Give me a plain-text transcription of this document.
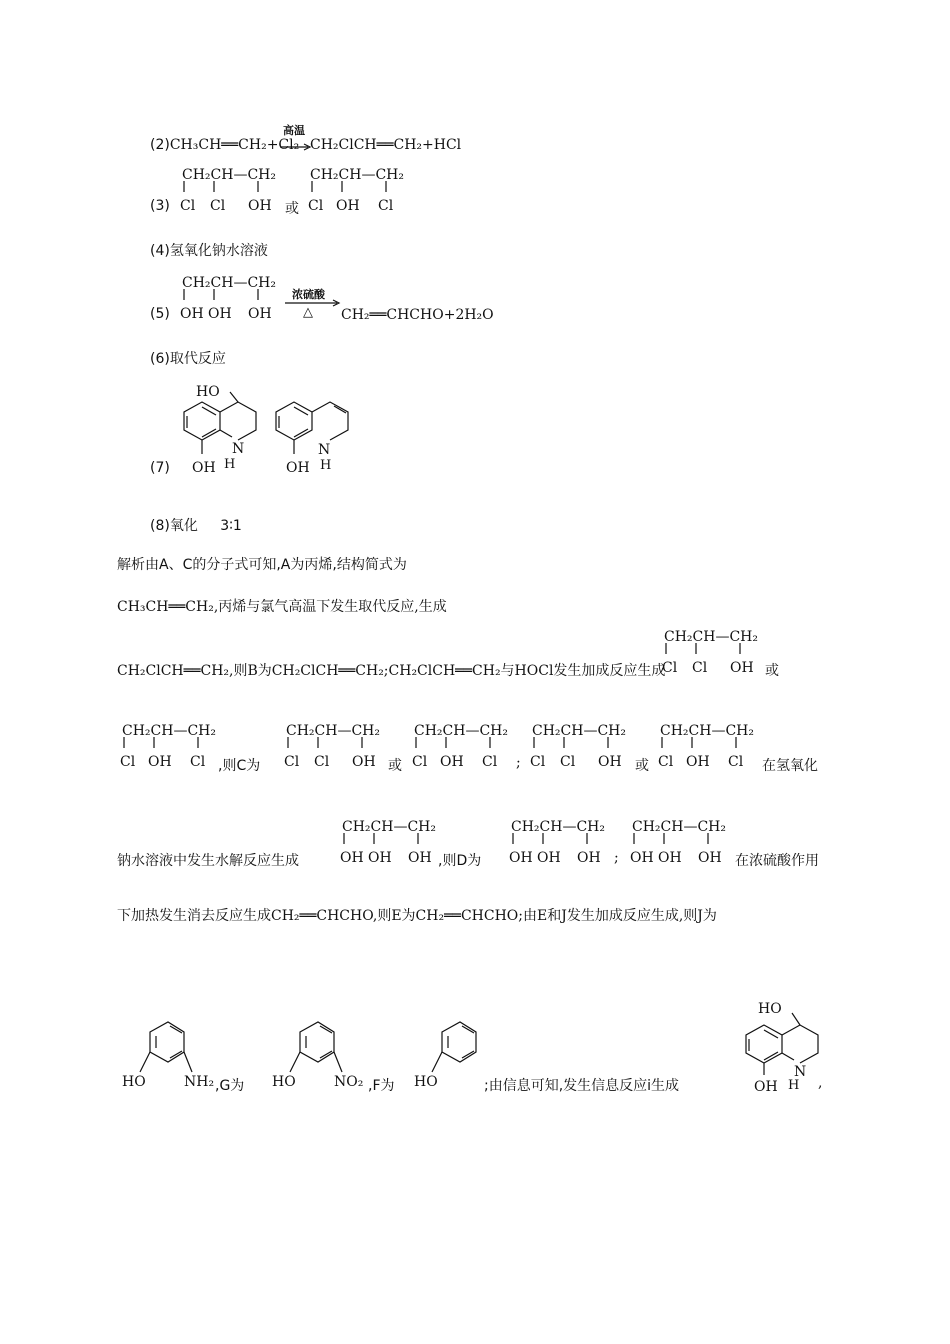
(2)CH₃CH══CH₂+Cl₂
高温
CH₂ClCH══CH₂+HCl
(3)
CH₂CH—CH₂
Cl Cl OH 或
CH₂CH—CH₂
Cl OH Cl
(4)氢氧化钠水溶液
(5)
CH₂CH—CH₂
OH OH OH
浓硫酸
△ CH₂══CHCHO+2H₂O
(6)取代反应
(7)
HO
OH
N
H	OH
N
H
(8)氧化 3∶1
解析由A、C的分子式可知,A为丙烯,结构简式为
CH₃CH══CH₂,丙烯与氯气高温下发生取代反应,生成
CH₂ClCH══CH₂,则B为CH₂ClCH══CH₂;CH₂ClCH══CH₂与HOCl发生加成反应生成
CH₂CH—CH₂
Cl Cl OH 或
CH₂CH—CH₂
Cl OH Cl ,则C为
CH₂CH—CH₂
Cl Cl OH 或
CH₂CH—CH₂
Cl OH Cl ;
CH₂CH—CH₂
Cl Cl OH 或
CH₂CH—CH₂
Cl OH Cl 在氢氧化
钠水溶液中发生水解反应生成
CH₂CH—CH₂
OH OH OH ,则D为
CH₂CH—CH₂
OH OH OH ;
CH₂CH—CH₂
OH OH OH 在浓硫酸作用
下加热发生消去反应生成CH₂══CHCHO,则E为CH₂══CHCHO;由E和J发生加成反应生成,则J为
HO	NH₂ ,G为 HO	NO₂ ,F为 HO	;由信息可知,发生信息反应ⅰ生成
HO
OH
N
H ,
